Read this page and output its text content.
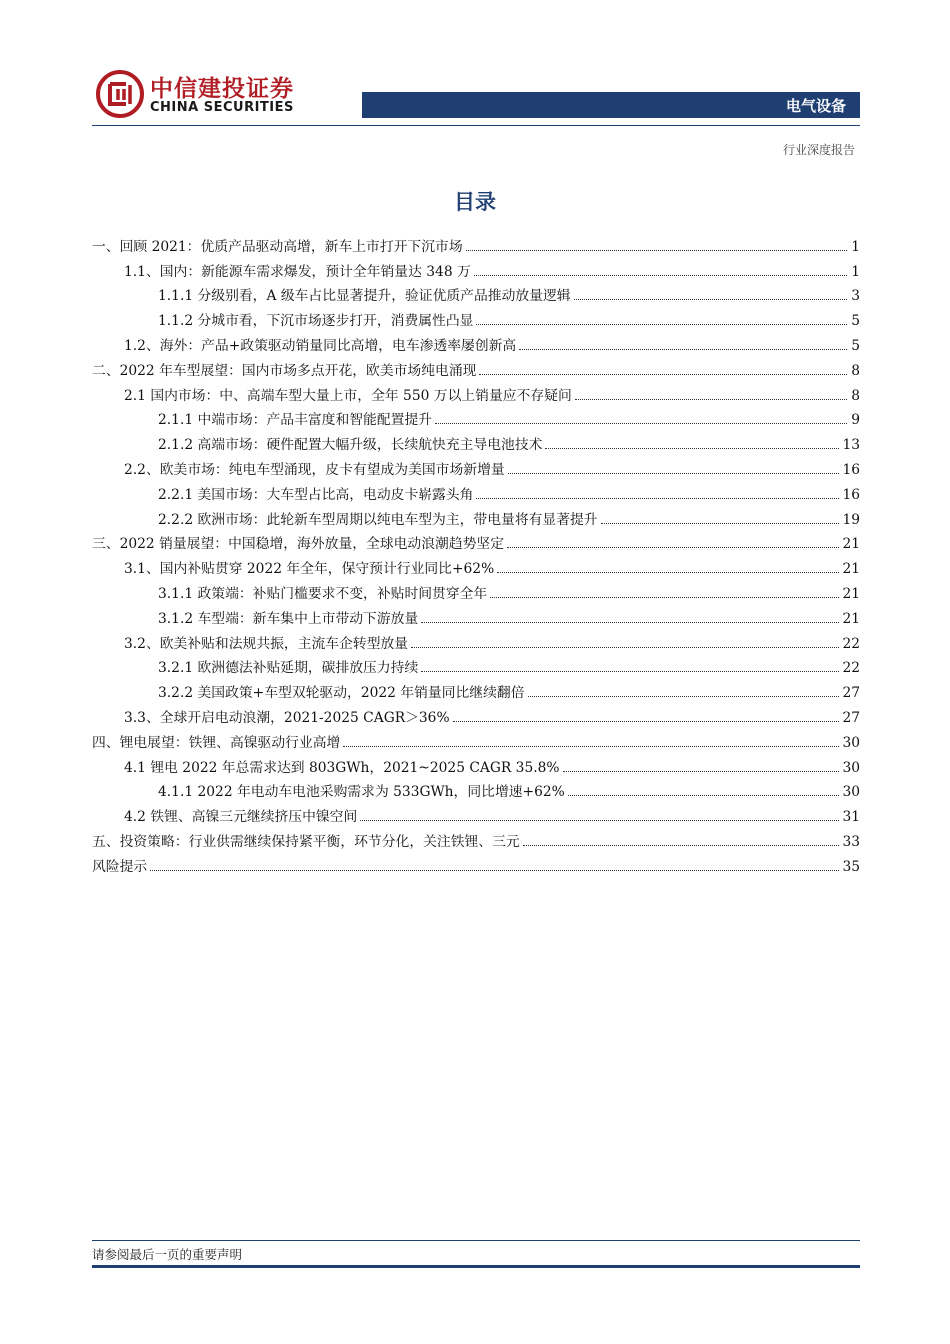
中信建投证券
CHINA SECURITIES	电气设备
行业深度报告
目录
一、回顾 2021：优质产品驱动高增，新车上市打开下沉市场	1
1.1、国内：新能源车需求爆发，预计全年销量达 348 万	1
1.1.1 分级别看，A 级车占比显著提升，验证优质产品推动放量逻辑	3
1.1.2 分城市看，下沉市场逐步打开，消费属性凸显	5
1.2、海外：产品+政策驱动销量同比高增，电车渗透率屡创新高	5
二、2022 年车型展望：国内市场多点开花，欧美市场纯电涌现	8
2.1 国内市场：中、高端车型大量上市，全年 550 万以上销量应不存疑问	8
2.1.1 中端市场：产品丰富度和智能配置提升	9
2.1.2 高端市场：硬件配置大幅升级，长续航快充主导电池技术	13
2.2、欧美市场：纯电车型涌现，皮卡有望成为美国市场新增量	16
2.2.1 美国市场：大车型占比高，电动皮卡崭露头角	16
2.2.2 欧洲市场：此轮新车型周期以纯电车型为主，带电量将有显著提升	19
三、2022 销量展望：中国稳增，海外放量，全球电动浪潮趋势坚定	21
3.1、国内补贴贯穿 2022 年全年，保守预计行业同比+62%	21
3.1.1 政策端：补贴门槛要求不变，补贴时间贯穿全年	21
3.1.2 车型端：新车集中上市带动下游放量	21
3.2、欧美补贴和法规共振，主流车企转型放量	22
3.2.1 欧洲德法补贴延期，碳排放压力持续	22
3.2.2 美国政策+车型双轮驱动，2022 年销量同比继续翻倍	27
3.3、全球开启电动浪潮，2021-2025 CAGR＞36%	27
四、锂电展望：铁锂、高镍驱动行业高增	30
4.1 锂电 2022 年总需求达到 803GWh，2021~2025 CAGR 35.8%	30
4.1.1 2022 年电动车电池采购需求为 533GWh，同比增速+62%	30
4.2 铁锂、高镍三元继续挤压中镍空间	31
五、投资策略：行业供需继续保持紧平衡，环节分化，关注铁锂、三元	33
风险提示	35
请参阅最后一页的重要声明
